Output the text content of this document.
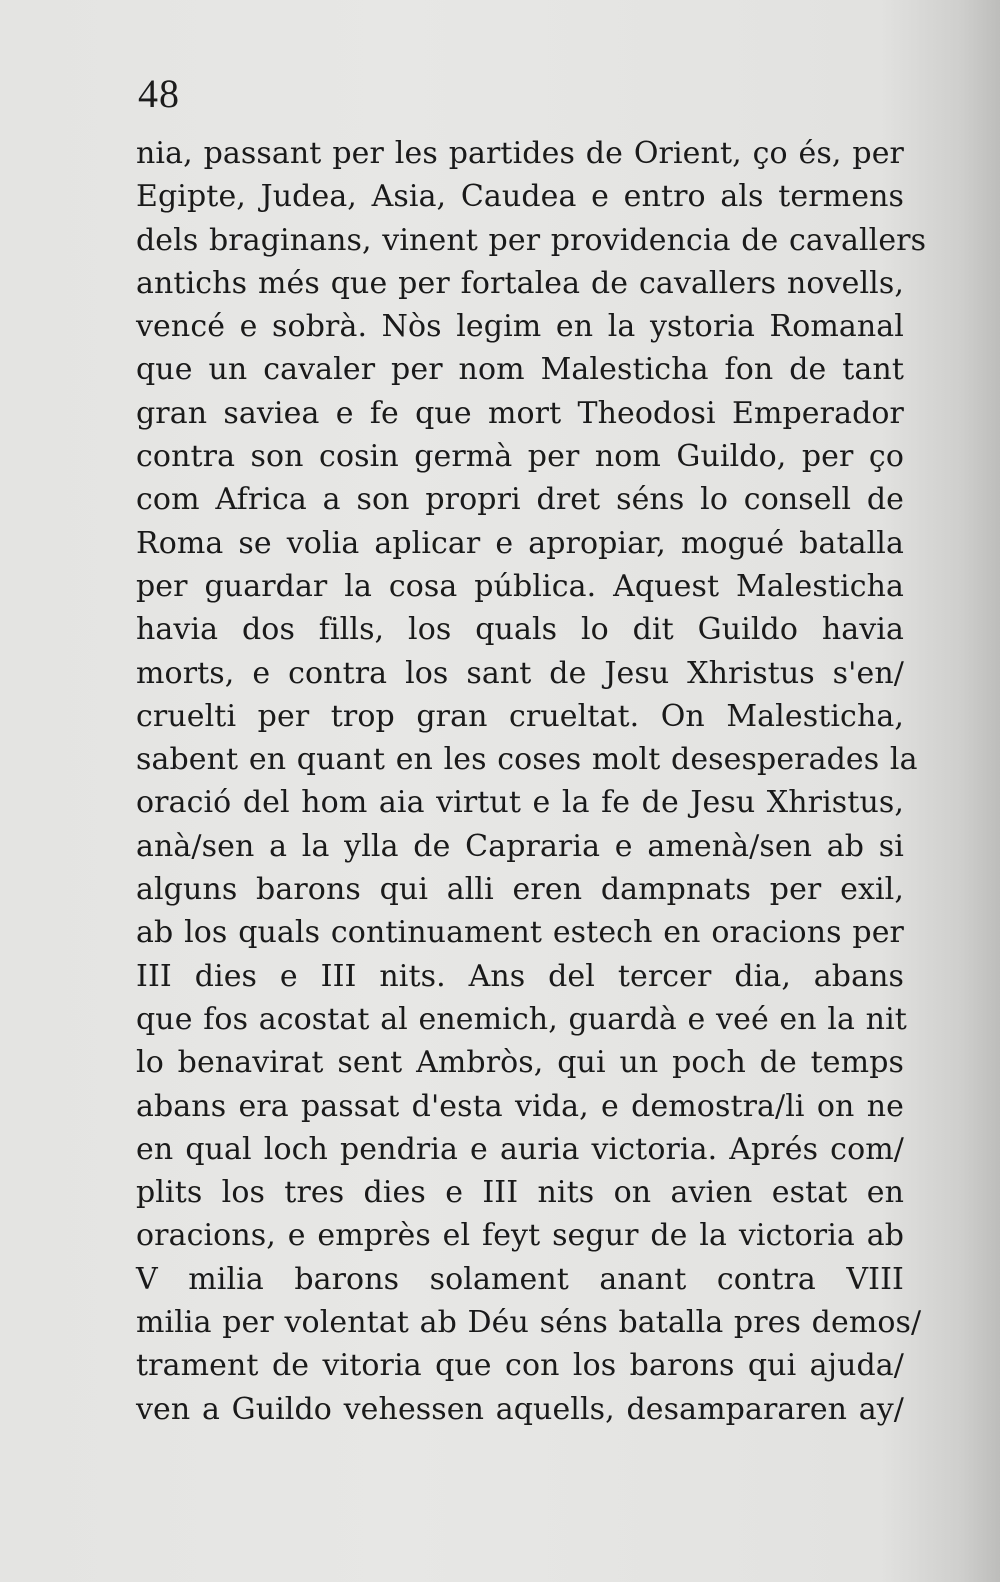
48
nia, passant per les partides de Orient, ço és, per
Egipte, Judea, Asia, Caudea e entro als termens
dels braginans, vinent per providencia de cavallers
antichs més que per fortalea de cavallers novells,
vencé e sobrà. Nòs legim en la ystoria Romanal
que un cavaler per nom Malesticha fon de tant
gran saviea e fe que mort Theodosi Emperador
contra son cosin germà per nom Guildo, per ço
com Africa a son propri dret séns lo consell de
Roma se volia aplicar e apropiar, mogué batalla
per guardar la cosa pública. Aquest Malesticha
havia dos fills, los quals lo dit Guildo havia
morts, e contra los sant de Jesu Xhristus s'en/
cruelti per trop gran crueltat. On Malesticha,
sabent en quant en les coses molt desesperades la
oració del hom aia virtut e la fe de Jesu Xhristus,
anà/sen a la ylla de Capraria e amenà/sen ab si
alguns barons qui alli eren dampnats per exil,
ab los quals continuament estech en oracions per
III dies e III nits. Ans del tercer dia, abans
que fos acostat al enemich, guardà e veé en la nit
lo benavirat sent Ambròs, qui un poch de temps
abans era passat d'esta vida, e demostra/li on ne
en qual loch pendria e auria victoria. Aprés com/
plits los tres dies e III nits on avien estat en
oracions, e emprès el feyt segur de la victoria ab
V milia barons solament anant contra VIII
milia per volentat ab Déu séns batalla pres demos/
trament de vitoria que con los barons qui ajuda/
ven a Guildo vehessen aquells, desampararen ay/
